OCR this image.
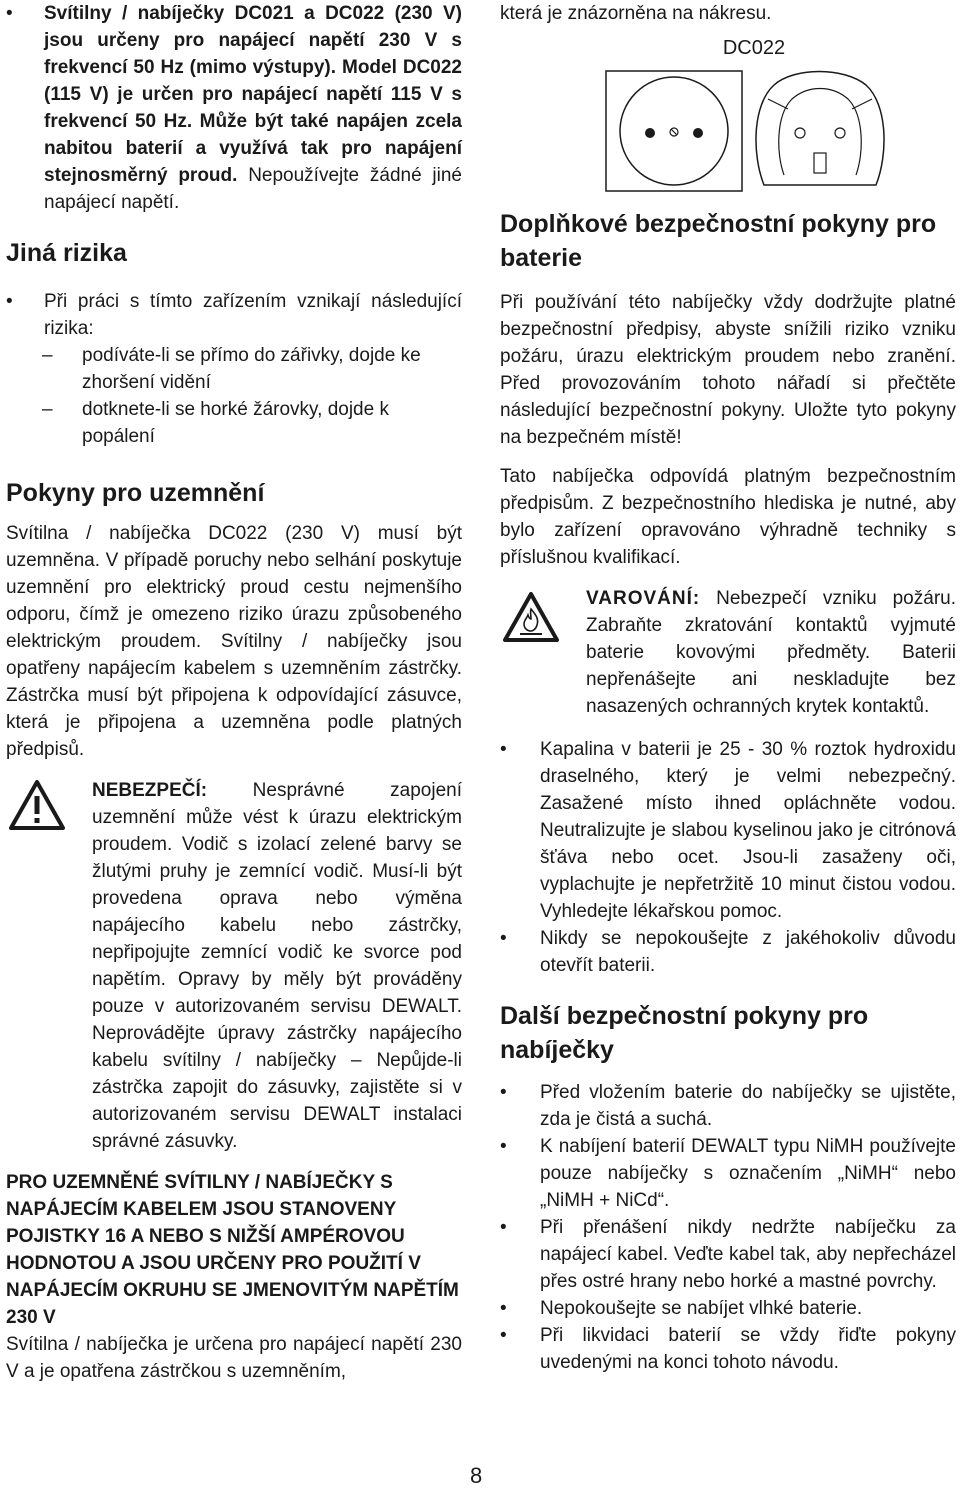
• Svítilny / nabíječky DC021 a DC022 (230 V) jsou určeny pro napájecí napětí 230 V s frekvencí 50 Hz (mimo výstupy). Model DC022 (115 V) je určen pro napájecí napětí 115 V s frekvencí 50 Hz. Může být také napájen zcela nabitou baterií a využívá tak pro napájení stejnosměrný proud. Nepoužívejte žádné jiné napájecí napětí.

Jiná rizika

• Při práci s tímto zařízením vznikají následující rizika:

– podíváte-li se přímo do zářivky, dojde ke zhoršení vidění

– dotknete-li se horké žárovky, dojde k popálení

Pokyny pro uzemnění

Svítilna / nabíječka DC022 (230 V) musí být uzemněna. V případě poruchy nebo selhání poskytuje uzemnění pro elektrický proud cestu nejmenšího odporu, čímž je omezeno riziko úrazu způsobeného elektrickým proudem. Svítilny / nabíječky jsou opatřeny napájecím kabelem s uzemněním zástrčky. Zástrčka musí být připojena k odpovídající zásuvce, která je připojena a uzemněna podle platných předpisů.

NEBEZPEČÍ: Nesprávné zapojení uzemnění může vést k úrazu elektrickým proudem. Vodič s izolací zelené barvy se žlutými pruhy je zemnící vodič. Musí-li být provedena oprava nebo výměna napájecího kabelu nebo zástrčky, nepřipojujte zemnící vodič ke svorce pod napětím. Opravy by měly být prováděny pouze v autorizovaném servisu DEWALT. Neprovádějte úpravy zástrčky napájecího kabelu svítilny / nabíječky – Nepůjde-li zástrčka zapojit do zásuvky, zajistěte si v autorizovaném servisu DEWALT instalaci správné zásuvky.

PRO UZEMNĚNÉ SVÍTILNY / NABÍJEČKY S NAPÁJECÍM KABELEM JSOU STANOVENY POJISTKY 16 A NEBO S NIŽŠÍ AMPÉROVOU HODNOTOU A JSOU URČENY PRO POUŽITÍ V NAPÁJECÍM OKRUHU SE JMENOVITÝM NAPĚTÍM 230 V

Svítilna / nabíječka je určena pro napájecí napětí 230 V a je opatřena zástrčkou s uzemněním,

která je znázorněna na nákresu.

DC022
Doplňkové bezpečnostní pokyny pro baterie

Při používání této nabíječky vždy dodržujte platné bezpečnostní předpisy, abyste snížili riziko vzniku požáru, úrazu elektrickým proudem nebo zranění. Před provozováním tohoto nářadí si přečtěte následující bezpečnostní pokyny. Uložte tyto pokyny na bezpečném místě!

Tato nabíječka odpovídá platným bezpečnostním předpisům. Z bezpečnostního hlediska je nutné, aby bylo zařízení opravováno výhradně techniky s příslušnou kvalifikací.

VAROVÁNÍ: Nebezpečí vzniku požáru. Zabraňte zkratování kontaktů vyjmuté baterie kovovými předměty. Baterii nepřenášejte ani neskladujte bez nasazených ochranných krytek kontaktů.

• Kapalina v baterii je 25 - 30 % roztok hydroxidu draselného, který je velmi nebezpečný. Zasažené místo ihned opláchněte vodou. Neutralizujte je slabou kyselinou jako je citrónová šťáva nebo ocet. Jsou-li zasaženy oči, vyplachujte je nepřetržitě 10 minut čistou vodou. Vyhledejte lékařskou pomoc.

• Nikdy se nepokoušejte z jakéhokoliv důvodu otevřít baterii.

Další bezpečnostní pokyny pro nabíječky

• Před vložením baterie do nabíječky se ujistěte, zda je čistá a suchá.

• K nabíjení baterií DEWALT typu NiMH používejte pouze nabíječky s označením „NiMH“ nebo „NiMH + NiCd“.

• Při přenášení nikdy nedržte nabíječku za napájecí kabel. Veďte kabel tak, aby nepřecházel přes ostré hrany nebo horké a mastné povrchy.

• Nepokoušejte se nabíjet vlhké baterie.

• Při likvidaci baterií se vždy řiďte pokyny uvedenými na konci tohoto návodu.

8
